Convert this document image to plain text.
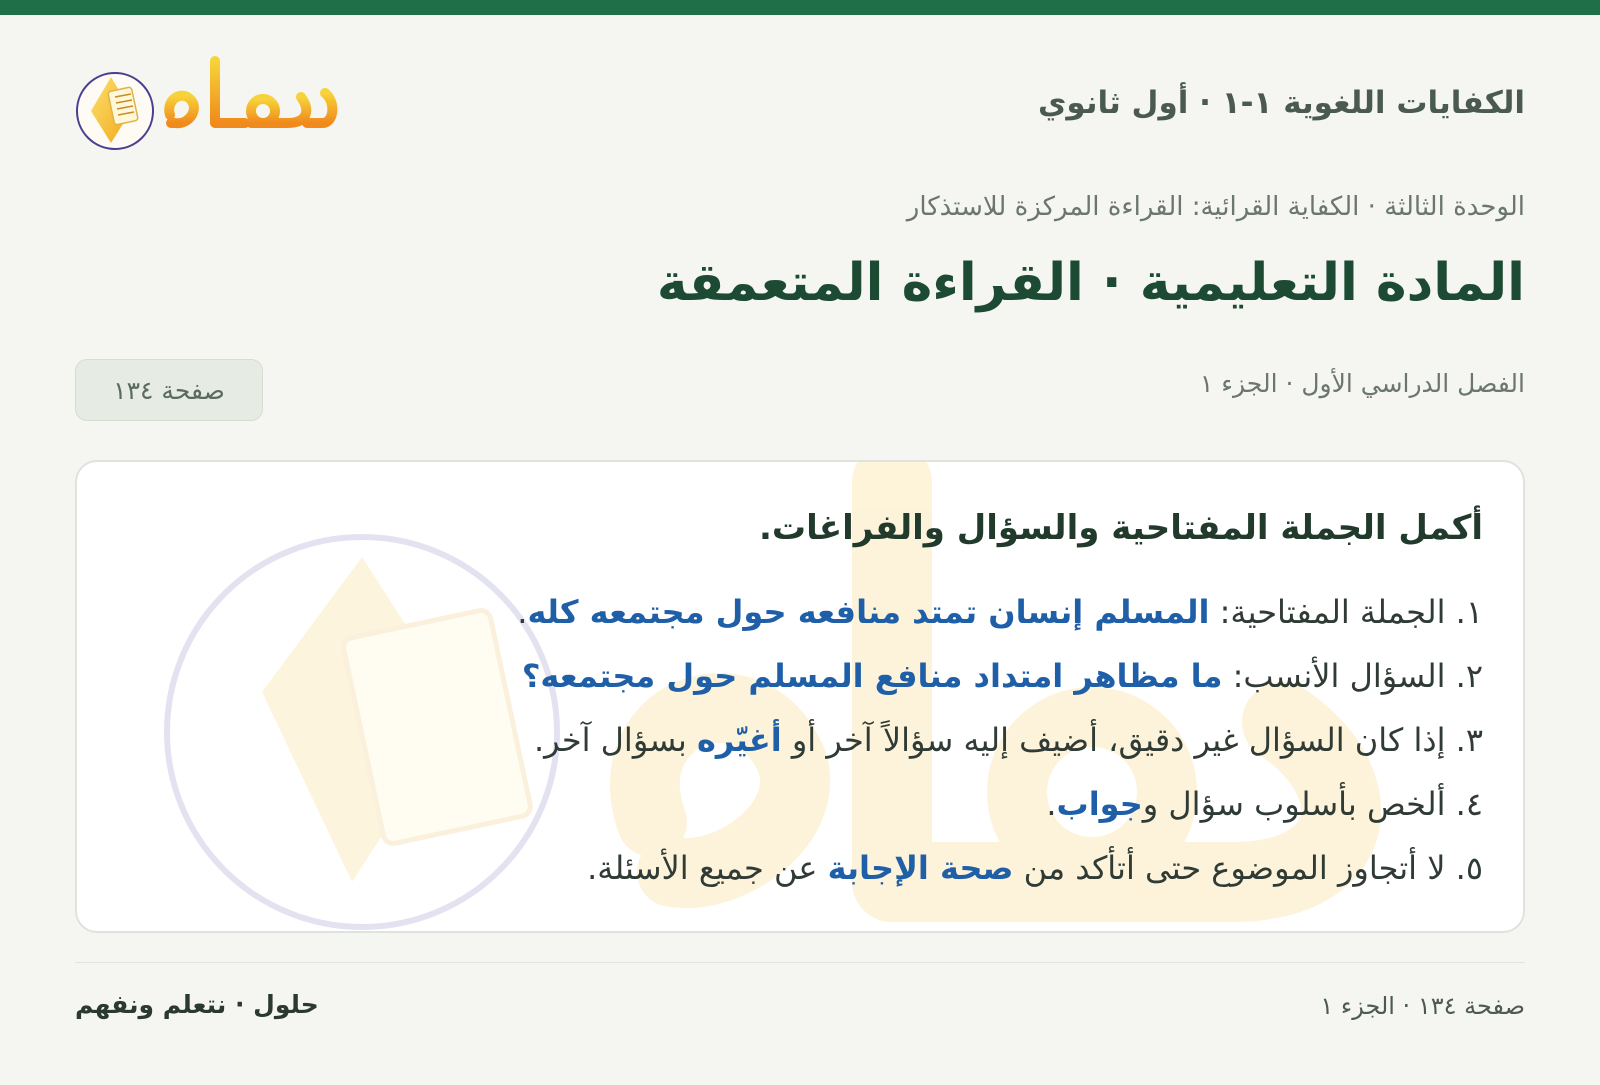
الكفايات اللغوية ١-١ · أول ثانوي
الوحدة الثالثة · الكفاية القرائية: القراءة المركزة للاستذكار
المادة التعليمية · القراءة المتعمقة
الفصل الدراسي الأول · الجزء ١
صفحة ١٣٤
أكمل الجملة المفتاحية والسؤال والفراغات.
١. الجملة المفتاحية: المسلم إنسان تمتد منافعه حول مجتمعه كله.
٢. السؤال الأنسب: ما مظاهر امتداد منافع المسلم حول مجتمعه؟
٣. إذا كان السؤال غير دقيق، أضيف إليه سؤالاً آخر أو أغيّره بسؤال آخر.
٤. ألخص بأسلوب سؤال وجواب.
٥. لا أتجاوز الموضوع حتى أتأكد من صحة الإجابة عن جميع الأسئلة.
صفحة ١٣٤ · الجزء ١
حلول · نتعلم ونفهم
